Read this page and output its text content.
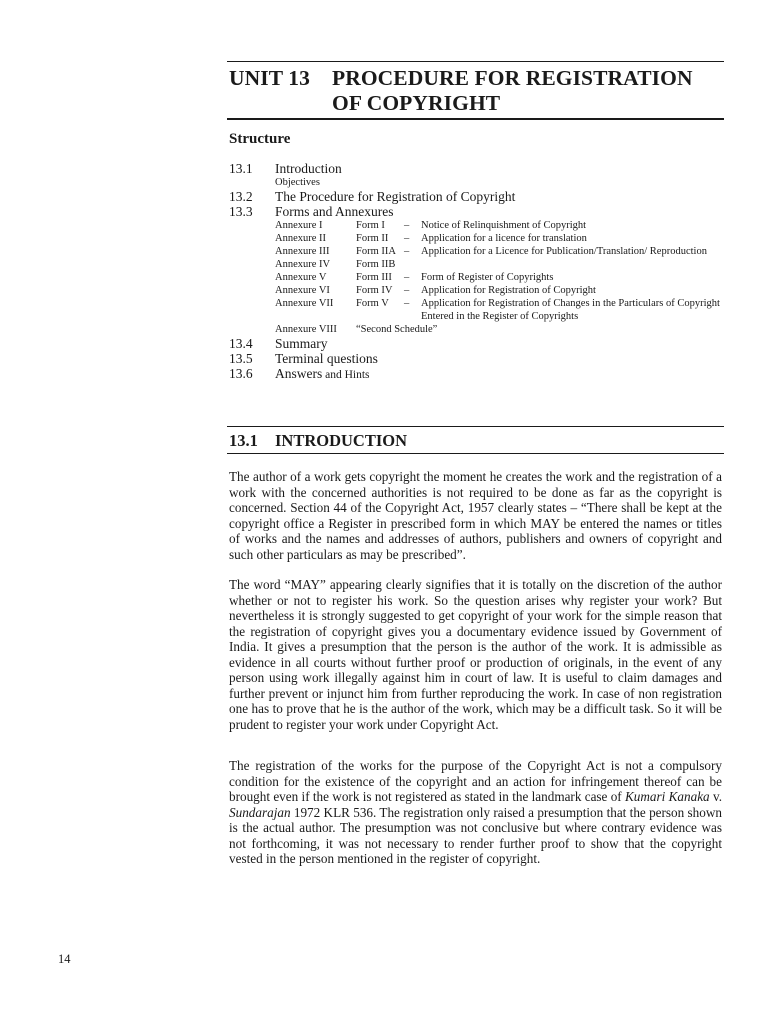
UNIT 13 PROCEDURE FOR REGISTRATION
OF COPYRIGHT
Structure
13.1 Introduction
Objectives
13.2 The Procedure for Registration of Copyright
13.3 Forms and Annexures
Annexure I	Form I – Notice of Relinquishment of Copyright
Annexure II	Form II – Application for a licence for translation
Annexure III	Form IIA – Application for a Licence for Publication/Translation/ Reproduction
Annexure IV Form IIB
Annexure V	Form III – Form of Register of Copyrights
Annexure VI Form IV – Application for Registration of Copyright
Annexure VII Form V – Application for Registration of Changes in the Particulars of Copyright Entered in the Register of Copyrights
Annexure VIII “Second Schedule”
13.4 Summary
13.5 Terminal questions
13.6 Answers and Hints
13.1 INTRODUCTION

The author of a work gets copyright the moment he creates the work and the registration of a work with the concerned authorities is not required to be done as far as the copyright is concerned. Section 44 of the Copyright Act, 1957 clearly states – “There shall be kept at the copyright office a Register in prescribed form in which MAY be entered the names or titles of works and the names and addresses of authors, publishers and owners of copyright and such other particulars as may be prescribed”.

The word “MAY” appearing clearly signifies that it is totally on the discretion of the author whether or not to register his work. So the question arises why register your work? But nevertheless it is strongly suggested to get copyright of your work for the simple reason that the registration of copyright gives you a documentary evidence issued by Government of India. It gives a presumption that the person is the author of the work. It is admissible as evidence in all courts without further proof or production of originals, in the event of any person using work illegally against him in court of law. It is useful to claim damages and further prevent or injunct him from further reproducing the work. In case of non registration one has to prove that he is the author of the work, which may be a difficult task. So it will be prudent to register your work under Copyright Act.

The registration of the works for the purpose of the Copyright Act is not a compulsory condition for the existence of the copyright and an action for infringement thereof can be brought even if the work is not registered as stated in the landmark case of Kumari Kanaka v. Sundarajan 1972 KLR 536. The registration only raised a presumption that the person shown is the actual author. The presumption was not conclusive but where contrary evidence was not forthcoming, it was not necessary to render further proof to show that the copyright vested in the person mentioned in the register of copyright.

14
